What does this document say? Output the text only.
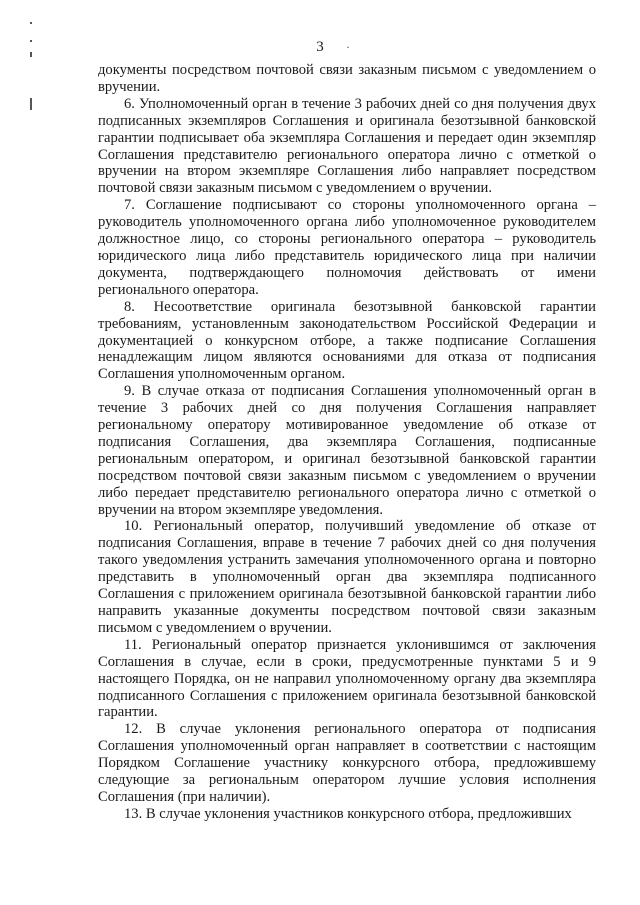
3	·

документы посредством почтовой связи заказным письмом с уведомлением о вручении.

6. Уполномоченный орган в течение 3 рабочих дней со дня получения двух подписанных экземпляров Соглашения и оригинала безотзывной банковской гарантии подписывает оба экземпляра Соглашения и передает один экземпляр Соглашения представителю регионального оператора лично с отметкой о вручении на втором экземпляре Соглашения либо направляет посредством почтовой связи заказным письмом с уведомлением о вручении.

7. Соглашение подписывают со стороны уполномоченного органа – руководитель уполномоченного органа либо уполномоченное руководителем должностное лицо, со стороны регионального оператора – руководитель юридического лица либо представитель юридического лица при наличии документа, подтверждающего полномочия действовать от имени регионального оператора.

8. Несоответствие оригинала безотзывной банковской гарантии требованиям, установленным законодательством Российской Федерации и документацией о конкурсном отборе, а также подписание Соглашения ненадлежащим лицом являются основаниями для отказа от подписания Соглашения уполномоченным органом.

9. В случае отказа от подписания Соглашения уполномоченный орган в течение 3 рабочих дней со дня получения Соглашения направляет региональному оператору мотивированное уведомление об отказе от подписания Соглашения, два экземпляра Соглашения, подписанные региональным оператором, и оригинал безотзывной банковской гарантии посредством почтовой связи заказным письмом с уведомлением о вручении либо передает представителю регионального оператора лично с отметкой о вручении на втором экземпляре уведомления.

10. Региональный оператор, получивший уведомление об отказе от подписания Соглашения, вправе в течение 7 рабочих дней со дня получения такого уведомления устранить замечания уполномоченного органа и повторно представить в уполномоченный орган два экземпляра подписанного Соглашения с приложением оригинала безотзывной банковской гарантии либо направить указанные документы посредством почтовой связи заказным письмом с уведомлением о вручении.

11. Региональный оператор признается уклонившимся от заключения Соглашения в случае, если в сроки, предусмотренные пунктами 5 и 9 настоящего Порядка, он не направил уполномоченному органу два экземпляра подписанного Соглашения с приложением оригинала безотзывной банковской гарантии.

12. В случае уклонения регионального оператора от подписания Соглашения уполномоченный орган направляет в соответствии с настоящим Порядком Соглашение участнику конкурсного отбора, предложившему следующие за региональным оператором лучшие условия исполнения Соглашения (при наличии).

13. В случае уклонения участников конкурсного отбора, предложивших
